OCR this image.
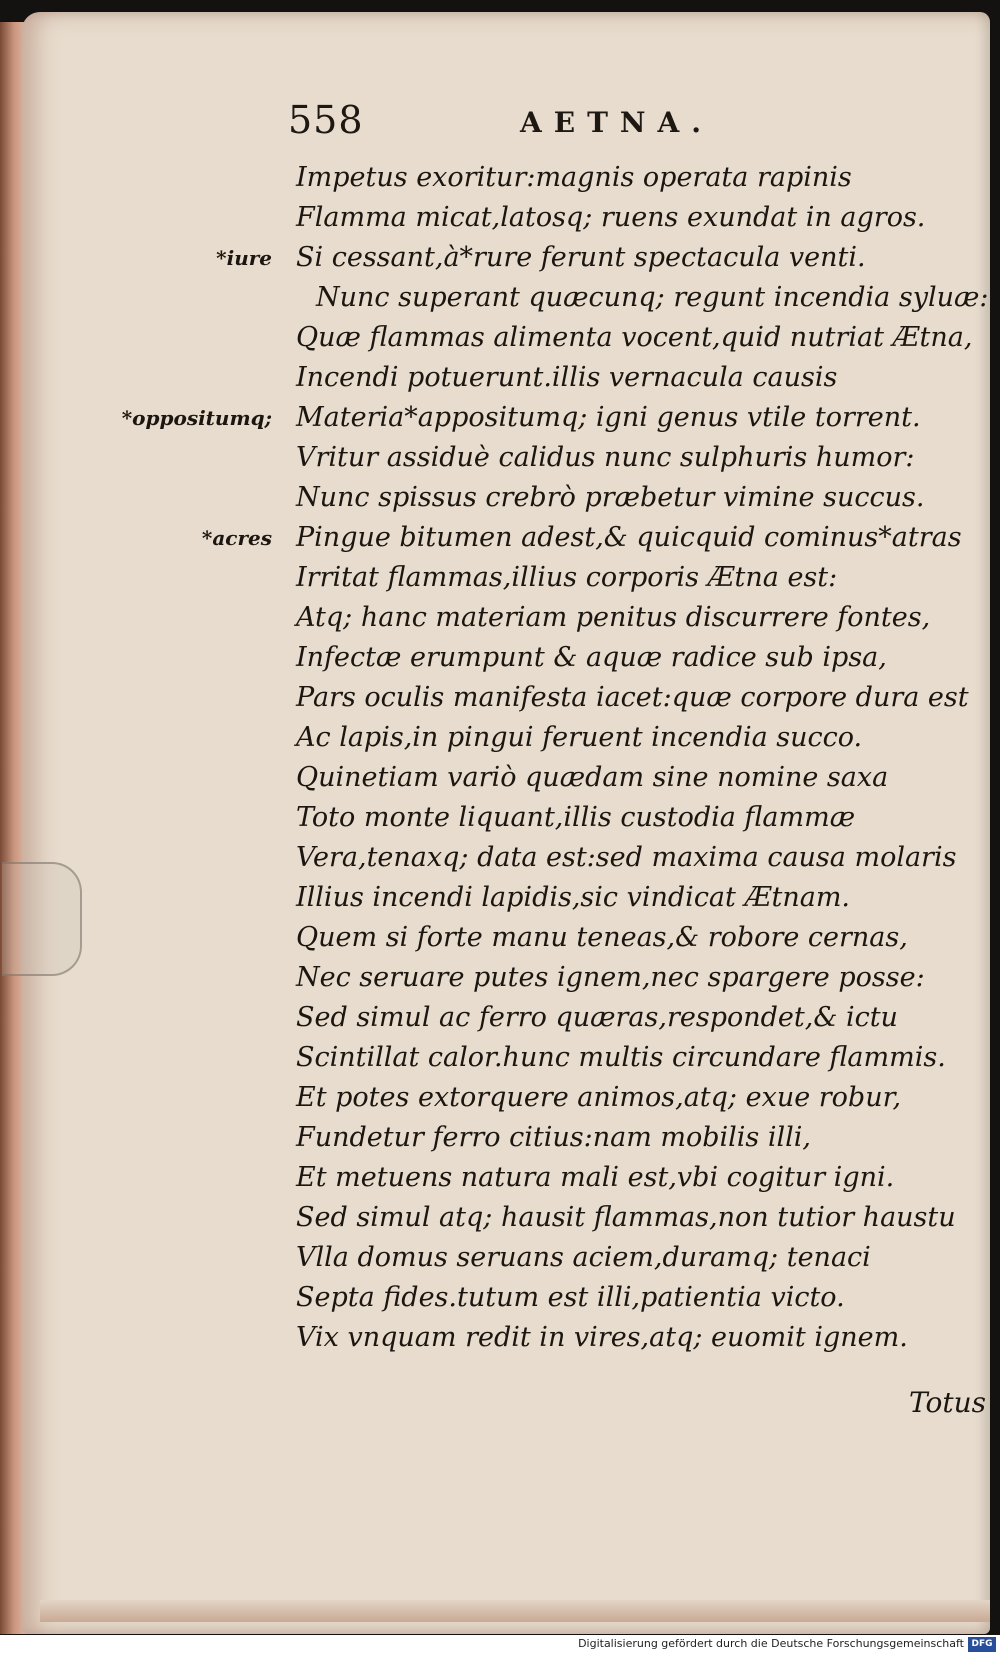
558	AETNA.
Impetus exoritur:magnis operata rapinis
Flamma micat,latosq; ruens exundat in agros.
Si cessant,à*rure ferunt spectacula venti.
Nunc superant quæcunq; regunt incendia syluæ:
Quæ flammas alimenta vocent,quid nutriat Ætna,
Incendi potuerunt.illis vernacula causis
Materia*appositumq; igni genus vtile torrent.
Vritur assiduè calidus nunc sulphuris humor:
Nunc spissus crebrò præbetur vimine succus.
Pingue bitumen adest,& quicquid cominus*atras
Irritat flammas,illius corporis Ætna est:
Atq; hanc materiam penitus discurrere fontes,
Infectæ erumpunt & aquæ radice sub ipsa,
Pars oculis manifesta iacet:quæ corpore dura est
Ac lapis,in pingui feruent incendia succo.
Quinetiam variò quædam sine nomine saxa
Toto monte liquant,illis custodia flammæ
Vera,tenaxq; data est:sed maxima causa molaris
Illius incendi lapidis,sic vindicat Ætnam.
Quem si forte manu teneas,& robore cernas,
Nec seruare putes ignem,nec spargere posse:
Sed simul ac ferro quæras,respondet,& ictu
Scintillat calor.hunc multis circundare flammis.
Et potes extorquere animos,atq; exue robur,
Fundetur ferro citius:nam mobilis illi,
Et metuens natura mali est,vbi cogitur igni.
Sed simul atq; hausit flammas,non tutior haustu
Vlla domus seruans aciem,duramq; tenaci
Septa fides.tutum est illi,patientia victo.
Vix vnquam redit in vires,atq; euomit ignem.
*iure
*oppositumq;
*acres
Totus
Digitalisierung gefördert durch die Deutsche Forschungsgemeinschaft DFG
